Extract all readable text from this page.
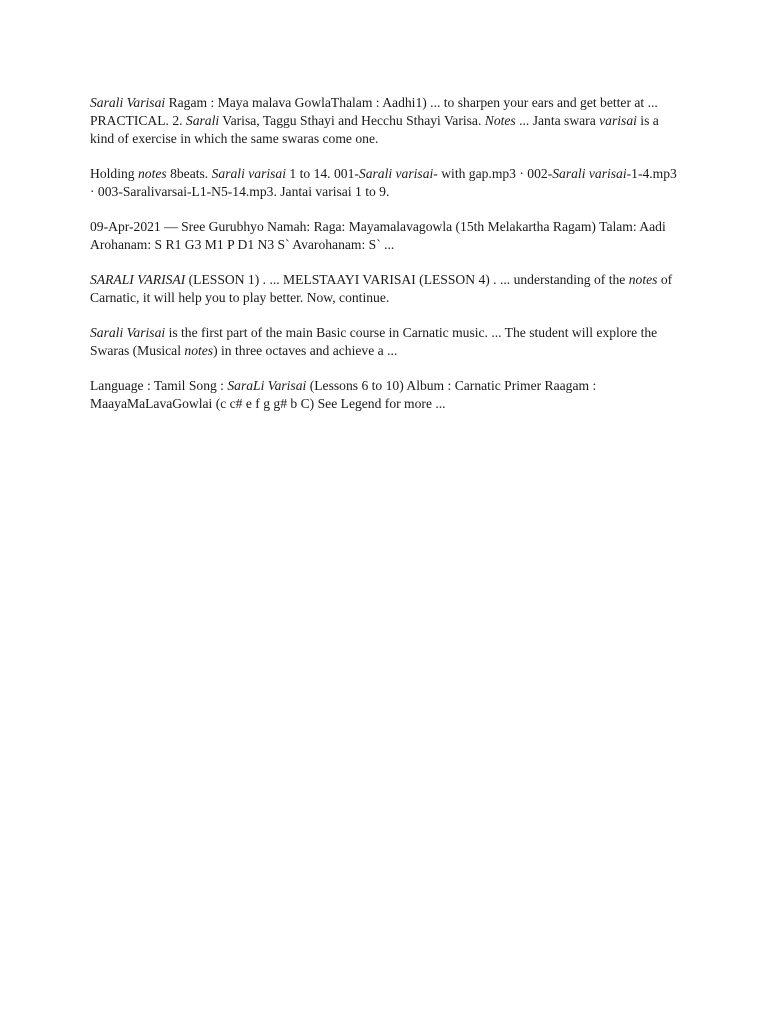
Sarali Varisai Ragam : Maya malava GowlaThalam : Aadhi1) ... to sharpen your ears and get better at ...
PRACTICAL. 2. Sarali Varisa, Taggu Sthayi and Hecchu Sthayi Varisa. Notes ... Janta swara varisai is a kind of exercise in which the same swaras come one.

Holding notes 8beats. Sarali varisai 1 to 14. 001-Sarali varisai- with gap.mp3 · 002-Sarali varisai-1-4.mp3 · 003-Saralivarsai-L1-N5-14.mp3. Jantai varisai 1 to 9.

09-Apr-2021 — Sree Gurubhyo Namah: Raga: Mayamalavagowla (15th Melakartha Ragam) Talam: Aadi Arohanam: S R1 G3 M1 P D1 N3 S` Avarohanam: S` ...

SARALI VARISAI (LESSON 1) . ... MELSTAAYI VARISAI (LESSON 4) . ... understanding of the notes of Carnatic, it will help you to play better. Now, continue.

Sarali Varisai is the first part of the main Basic course in Carnatic music. ... The student will explore the Swaras (Musical notes) in three octaves and achieve a ...

Language : Tamil Song : SaraLi Varisai (Lessons 6 to 10) Album : Carnatic Primer Raagam : MaayaMaLavaGowlai (c c# e f g g# b C) See Legend for more ...
